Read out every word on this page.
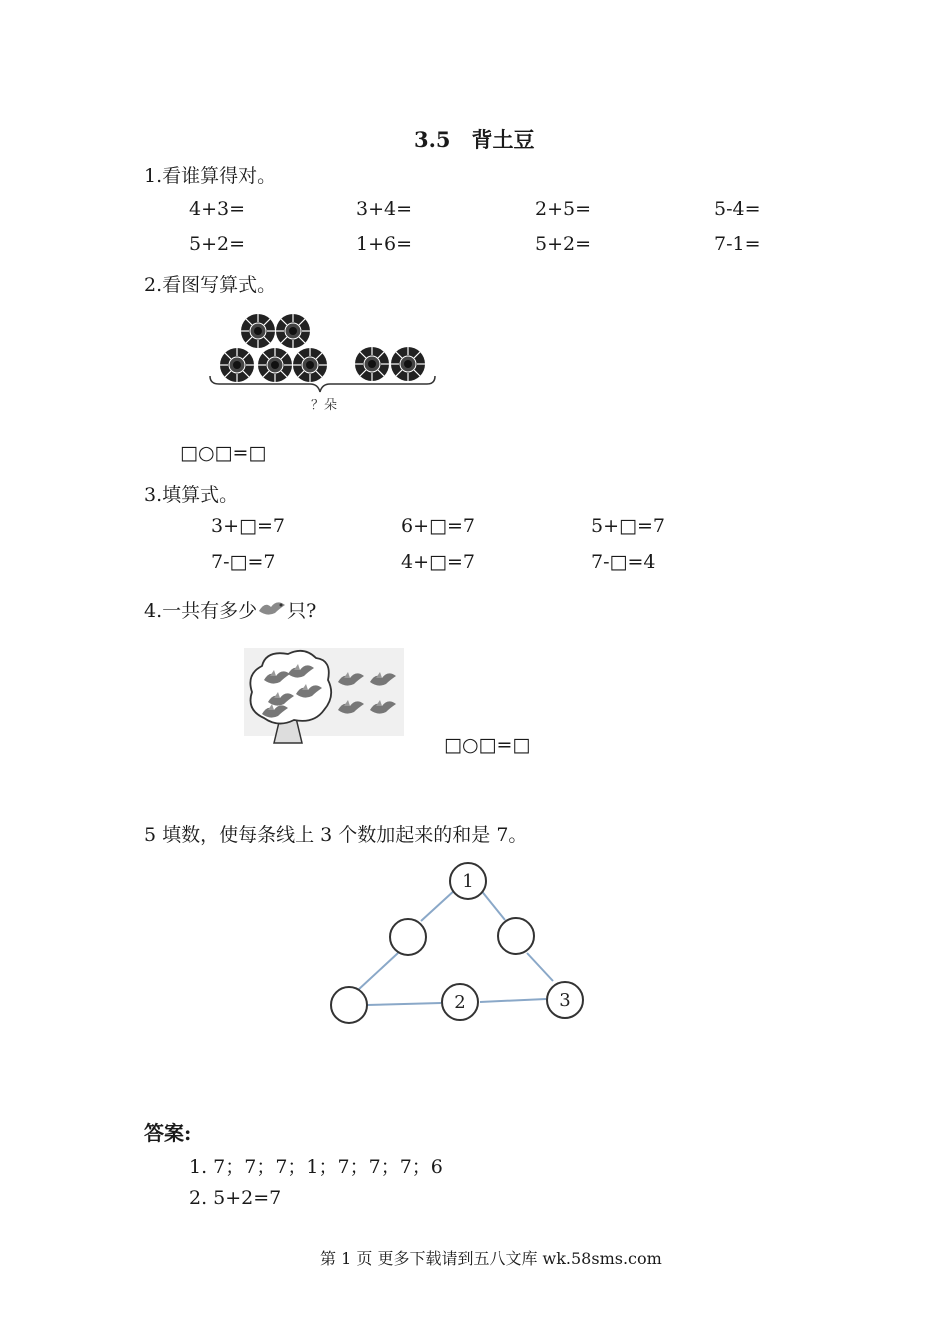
3.5　背土豆
1.看谁算得对。
4+3=	3+4=	2+5=	5-4=
5+2=	1+6=	5+2=	7-1=
2.看图写算式。
？朵
□○□=□
3.填算式。
3+□=7	6+□=7	5+□=7
7-□=7	4+□=7	7-□=4
4.一共有多少 只?
□○□=□
5 填数，使每条线上 3 个数加起来的和是 7。
1
2	3
答案:
1. 7；7；7；1；7；7；7；6
2. 5+2=7
第 1 页 更多下载请到五八文库 wk.58sms.com
